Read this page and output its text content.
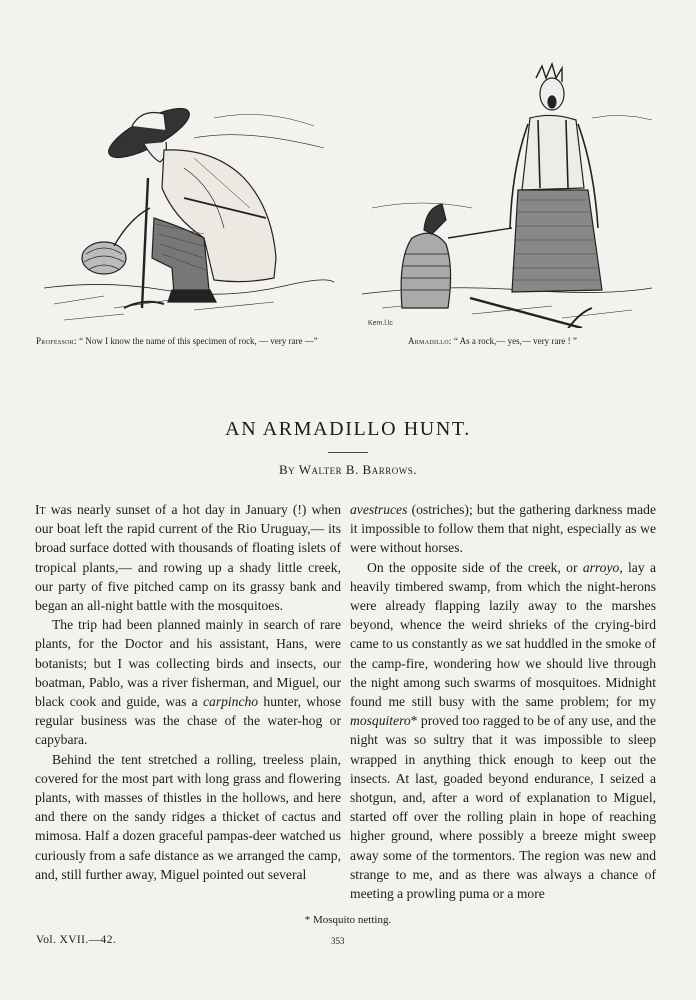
Kem.l.lc
Professor: “ Now I know the name of this specimen of rock, — very rare —”	Armadillo: “ As a rock,— yes,— very rare ! ”
AN ARMADILLO HUNT.
By Walter B. Barrows.

It was nearly sunset of a hot day in January (!) when our boat left the rapid current of the Rio Uruguay,— its broad surface dotted with thousands of floating islets of tropical plants,— and rowing up a shady little creek, our party of five pitched camp on its grassy bank and began an all-night battle with the mosquitoes.

The trip had been planned mainly in search of rare plants, for the Doctor and his assistant, Hans, were botanists; but I was collecting birds and insects, our boatman, Pablo, was a river fisherman, and Miguel, our black cook and guide, was a carpincho hunter, whose regular business was the chase of the water-hog or capybara.

Behind the tent stretched a rolling, treeless plain, covered for the most part with long grass and flowering plants, with masses of thistles in the hollows, and here and there on the sandy ridges a thicket of cactus and mimosa. Half a dozen graceful pampas-deer watched us curiously from a safe distance as we arranged the camp, and, still further away, Miguel pointed out several

avestruces (ostriches); but the gathering darkness made it impossible to follow them that night, especially as we were without horses.

On the opposite side of the creek, or arroyo, lay a heavily timbered swamp, from which the night-herons were already flapping lazily away to the marshes beyond, whence the weird shrieks of the crying-bird came to us constantly as we sat huddled in the smoke of the camp-fire, wondering how we should live through the night among such swarms of mosquitoes. Midnight found me still busy with the same problem; for my mosquitero* proved too ragged to be of any use, and the night was so sultry that it was impossible to sleep wrapped in anything thick enough to keep out the insects. At last, goaded beyond endurance, I seized a shotgun, and, after a word of explanation to Miguel, started off over the rolling plain in hope of reaching higher ground, where possibly a breeze might sweep away some of the tormentors. The region was new and strange to me, and as there was always a chance of meeting a prowling puma or a more

* Mosquito netting.
Vol. XVII.—42.	353
